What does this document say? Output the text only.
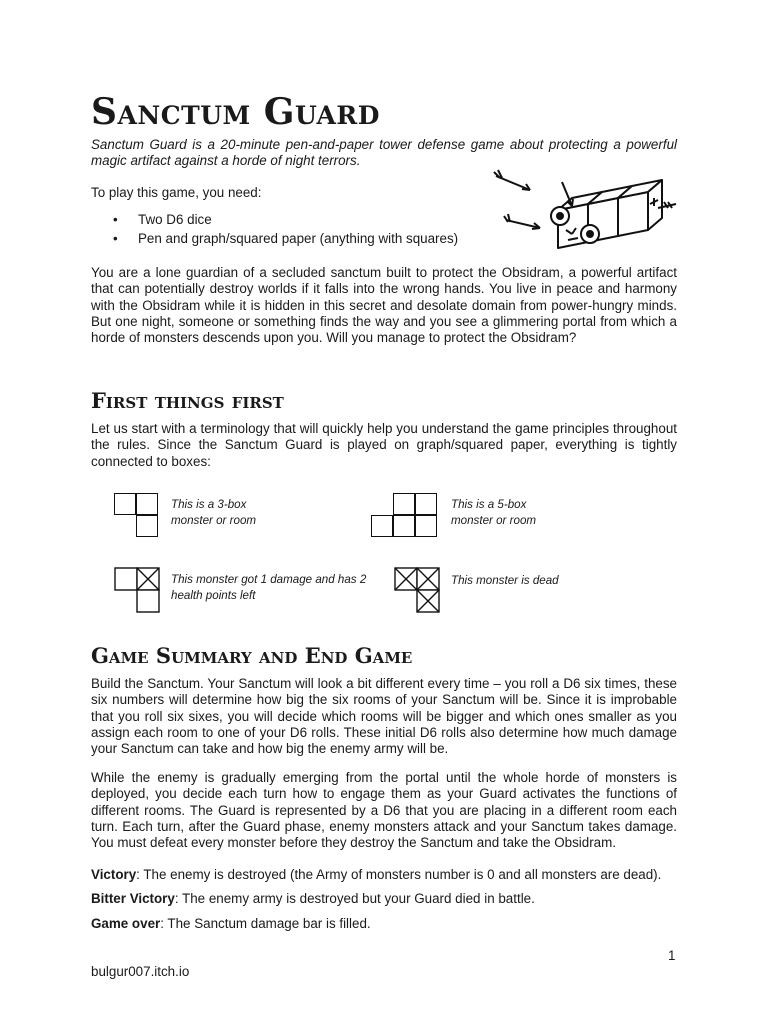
Sanctum Guard

Sanctum Guard is a 20-minute pen-and-paper tower defense game about protecting a powerful magic artifact against a horde of night terrors.

To play this game, you need:

• Two D6 dice
• Pen and graph/squared paper (anything with squares)

You are a lone guardian of a secluded sanctum built to protect the Obsidram, a powerful artifact that can potentially destroy worlds if it falls into the wrong hands. You live in peace and harmony with the Obsidram while it is hidden in this secret and desolate domain from power-hungry minds. But one night, someone or something finds the way and you see a glimmering portal from which a horde of monsters descends upon you. Will you manage to protect the Obsidram?

First things first

Let us start with a terminology that will quickly help you understand the game principles throughout the rules. Since the Sanctum Guard is played on graph/squared paper, everything is tightly connected to boxes:

This is a 3-box monster or room
This is a 5-box monster or room
This monster got 1 damage and has 2 health points left
This monster is dead
Game Summary and End Game

Build the Sanctum. Your Sanctum will look a bit different every time – you roll a D6 six times, these six numbers will determine how big the six rooms of your Sanctum will be. Since it is improbable that you roll six sixes, you will decide which rooms will be bigger and which ones smaller as you assign each room to one of your D6 rolls. These initial D6 rolls also determine how much damage your Sanctum can take and how big the enemy army will be.

While the enemy is gradually emerging from the portal until the whole horde of monsters is deployed, you decide each turn how to engage them as your Guard activates the functions of different rooms. The Guard is represented by a D6 that you are placing in a different room each turn. Each turn, after the Guard phase, enemy monsters attack and your Sanctum takes damage. You must defeat every monster before they destroy the Sanctum and take the Obsidram.

Victory: The enemy is destroyed (the Army of monsters number is 0 and all monsters are dead).

Bitter Victory: The enemy army is destroyed but your Guard died in battle.

Game over: The Sanctum damage bar is filled.

1
bulgur007.itch.io
